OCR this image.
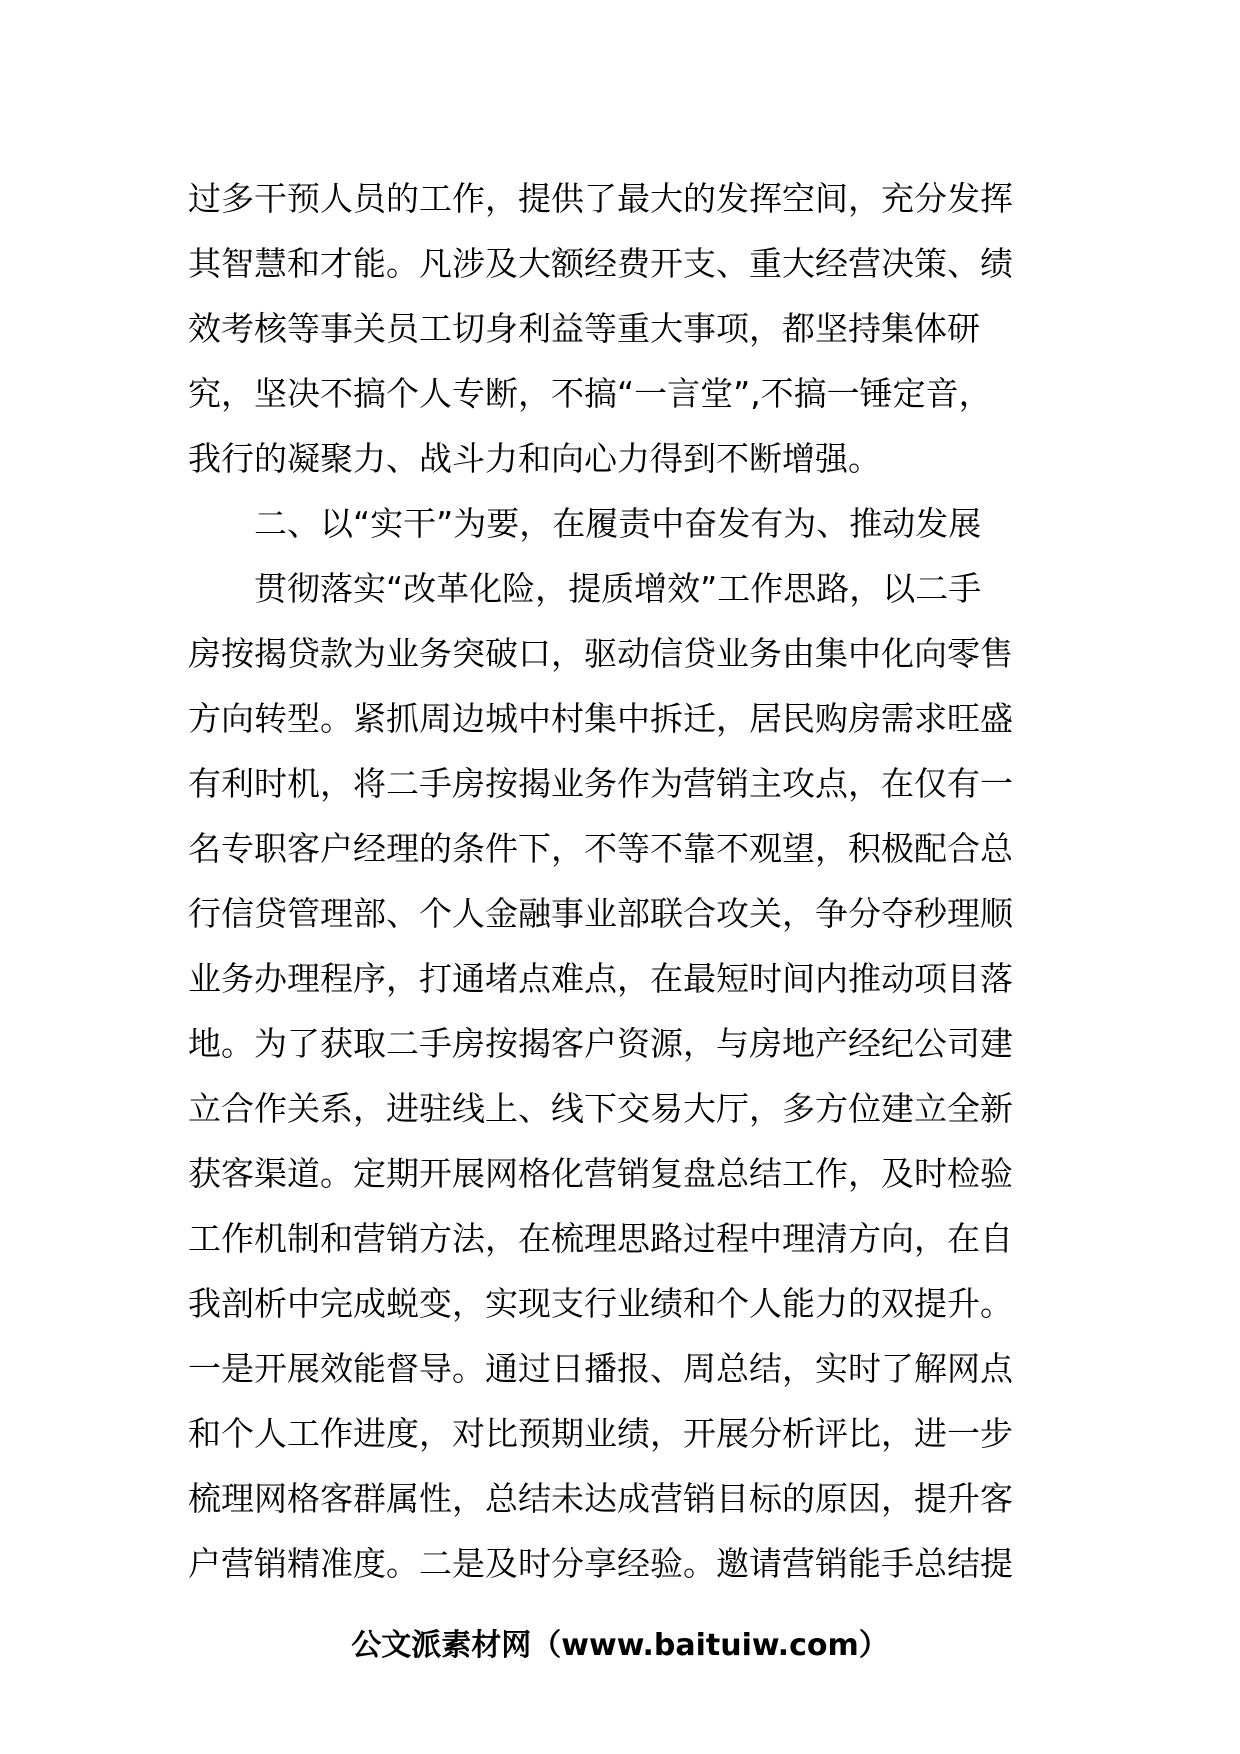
过多干预人员的工作，提供了最大的发挥空间，充分发挥
其智慧和才能。凡涉及大额经费开支、重大经营决策、绩
效考核等事关员工切身利益等重大事项，都坚持集体研
究，坚决不搞个人专断，不搞“一言堂”,不搞一锤定音，
我行的凝聚力、战斗力和向心力得到不断增强。
二、以“实干”为要，在履责中奋发有为、推动发展
贯彻落实“改革化险，提质增效”工作思路，以二手
房按揭贷款为业务突破口，驱动信贷业务由集中化向零售
方向转型。紧抓周边城中村集中拆迁，居民购房需求旺盛
有利时机，将二手房按揭业务作为营销主攻点，在仅有一
名专职客户经理的条件下，不等不靠不观望，积极配合总
行信贷管理部、个人金融事业部联合攻关，争分夺秒理顺
业务办理程序，打通堵点难点，在最短时间内推动项目落
地。为了获取二手房按揭客户资源，与房地产经纪公司建
立合作关系，进驻线上、线下交易大厅，多方位建立全新
获客渠道。定期开展网格化营销复盘总结工作，及时检验
工作机制和营销方法，在梳理思路过程中理清方向，在自
我剖析中完成蜕变，实现支行业绩和个人能力的双提升。
一是开展效能督导。通过日播报、周总结，实时了解网点
和个人工作进度，对比预期业绩，开展分析评比，进一步
梳理网格客群属性，总结未达成营销目标的原因，提升客
户营销精准度。二是及时分享经验。邀请营销能手总结提
公文派素材网（www.baituiw.com）
